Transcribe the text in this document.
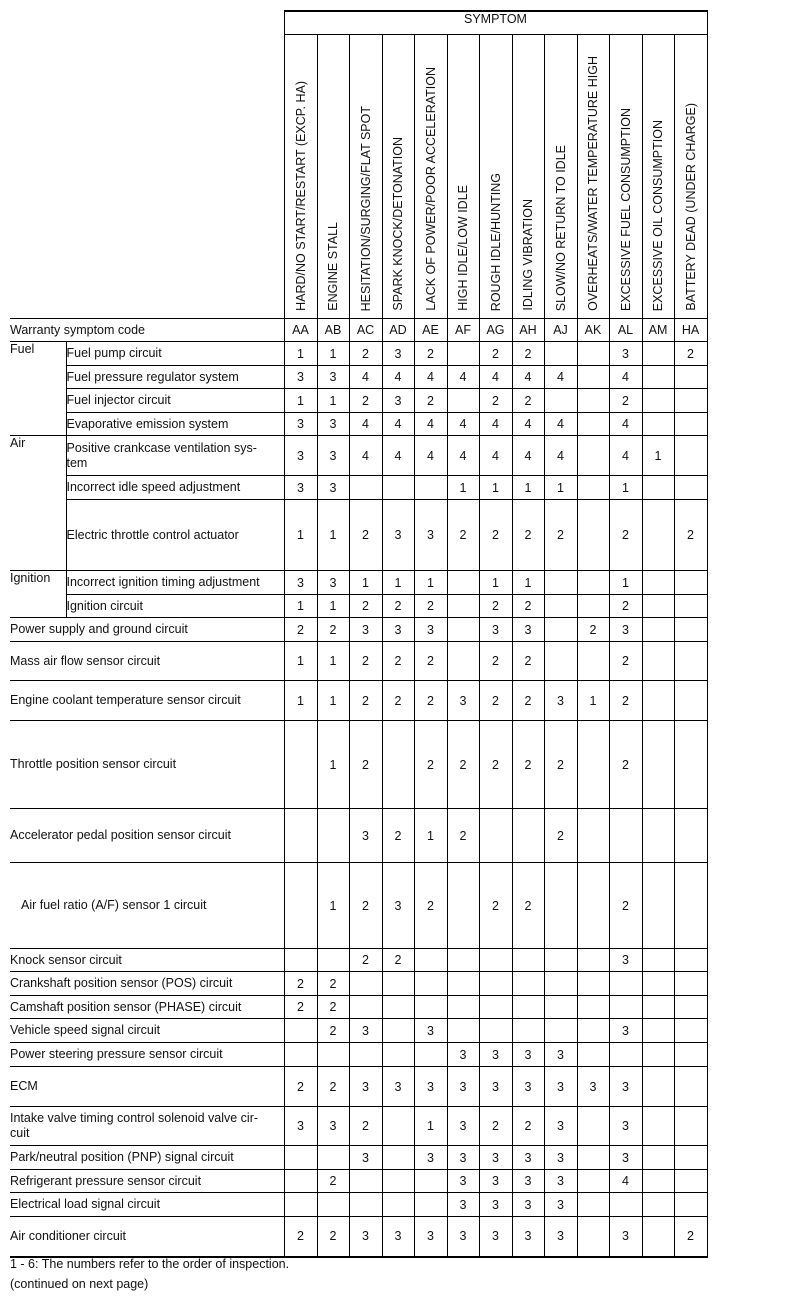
		SYMPTOM												
		HARD/NO START/RESTART (EXCP. HA)	ENGINE STALL	HESITATION/SURGING/FLAT SPOT	SPARK KNOCK/DETONATION	LACK OF POWER/POOR ACCELERATION	HIGH IDLE/LOW IDLE	ROUGH IDLE/HUNTING	IDLING VIBRATION	SLOW/NO RETURN TO IDLE	OVERHEATS/WATER TEMPERATURE HIGH	EXCESSIVE FUEL CONSUMPTION	EXCESSIVE OIL CONSUMPTION	BATTERY DEAD (UNDER CHARGE)
Warranty symptom code		AA	AB	AC	AD	AE	AF	AG	AH	AJ	AK	AL	AM	HA
Fuel	Fuel pump circuit	1	1	2	3	2		2	2			3		2
	Fuel pressure regulator system	3	3	4	4	4	4	4	4	4		4		
	Fuel injector circuit	1	1	2	3	2		2	2			2		
	Evaporative emission system	3	3	4	4	4	4	4	4	4		4		
Air	Positive crankcase ventilation sys-
tem	3	3	4	4	4	4	4	4	4		4	1	
	Incorrect idle speed adjustment	3	3				1	1	1	1		1		
	Electric throttle control actuator	1	1	2	3	3	2	2	2	2		2		2
Ignition	Incorrect ignition timing adjustment	3	3	1	1	1		1	1			1		
	Ignition circuit	1	1	2	2	2		2	2			2		
Power supply and ground circuit		2	2	3	3	3		3	3		2	3		
Mass air flow sensor circuit		1	1	2	2	2		2	2			2		
Engine coolant temperature sensor circuit		1	1	2	2	2	3	2	2	3	1	2		
Throttle position sensor circuit			1	2		2	2	2	2	2		2		
Accelerator pedal position sensor circuit				3	2	1	2			2				
Air fuel ratio (A/F) sensor 1 circuit			1	2	3	2		2	2			2		
Knock sensor circuit				2	2							3		
Crankshaft position sensor (POS) circuit		2	2											
Camshaft position sensor (PHASE) circuit		2	2											
Vehicle speed signal circuit			2	3		3						3		
Power steering pressure sensor circuit							3	3	3	3				
ECM		2	2	3	3	3	3	3	3	3	3	3		
Intake valve timing control solenoid valve cir-
cuit		3	3	2		1	3	2	2	3		3		
Park/neutral position (PNP) signal circuit				3		3	3	3	3	3		3		
Refrigerant pressure sensor circuit			2				3	3	3	3		4		
Electrical load signal circuit							3	3	3	3				
Air conditioner circuit		2	2	3	3	3	3	3	3	3		3		2
1 - 6: The numbers refer to the order of inspection.
(continued on next page)
